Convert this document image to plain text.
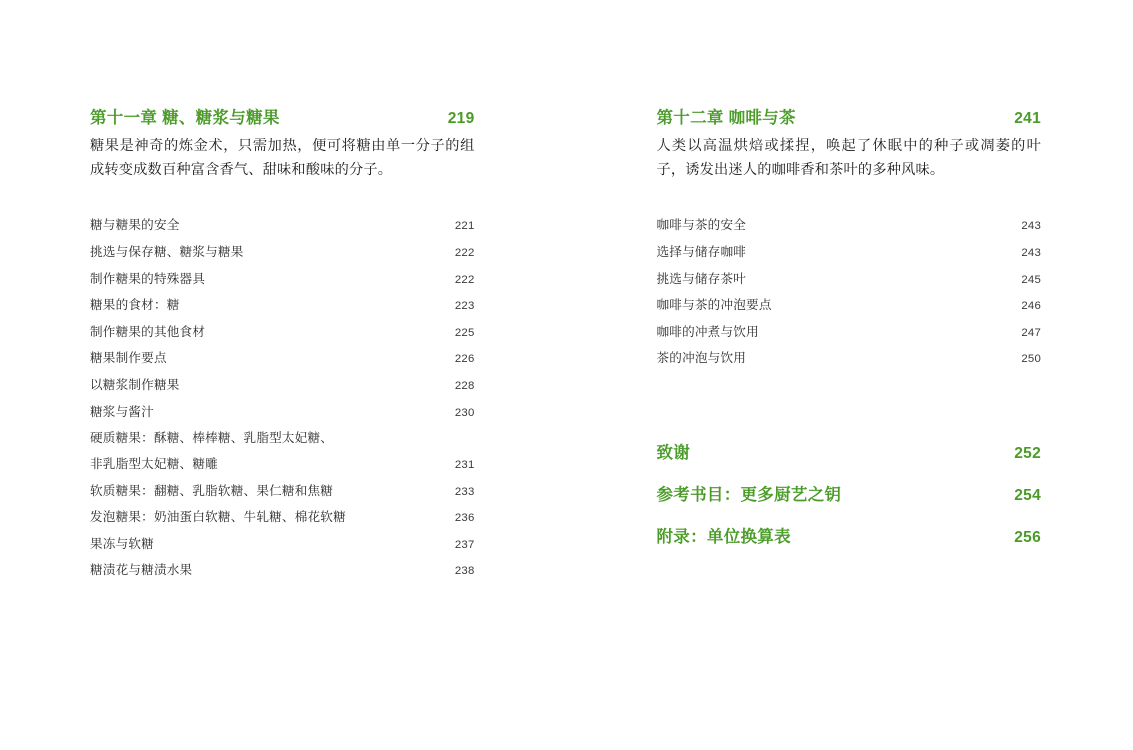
第十一章 糖、糖浆与糖果	219
糖果是神奇的炼金术，只需加热，便可将糖由单一分子的组成转变成数百种富含香气、甜味和酸味的分子。
糖与糖果的安全	221
挑选与保存糖、糖浆与糖果	222
制作糖果的特殊器具	222
糖果的食材：糖	223
制作糖果的其他食材	225
糖果制作要点	226
以糖浆制作糖果	228
糖浆与酱汁	230
硬质糖果：酥糖、棒棒糖、乳脂型太妃糖、
非乳脂型太妃糖、糖雕	231
软质糖果：翻糖、乳脂软糖、果仁糖和焦糖	233
发泡糖果：奶油蛋白软糖、牛轧糖、棉花软糖	236
果冻与软糖	237
糖渍花与糖渍水果	238
第十二章 咖啡与茶	241
人类以高温烘焙或揉捏，唤起了休眠中的种子或凋萎的叶子，诱发出迷人的咖啡香和茶叶的多种风味。
咖啡与茶的安全	243
选择与储存咖啡	243
挑选与储存茶叶	245
咖啡与茶的冲泡要点	246
咖啡的冲煮与饮用	247
茶的冲泡与饮用	250
致谢	252
参考书目：更多厨艺之钥	254
附录：单位换算表	256
